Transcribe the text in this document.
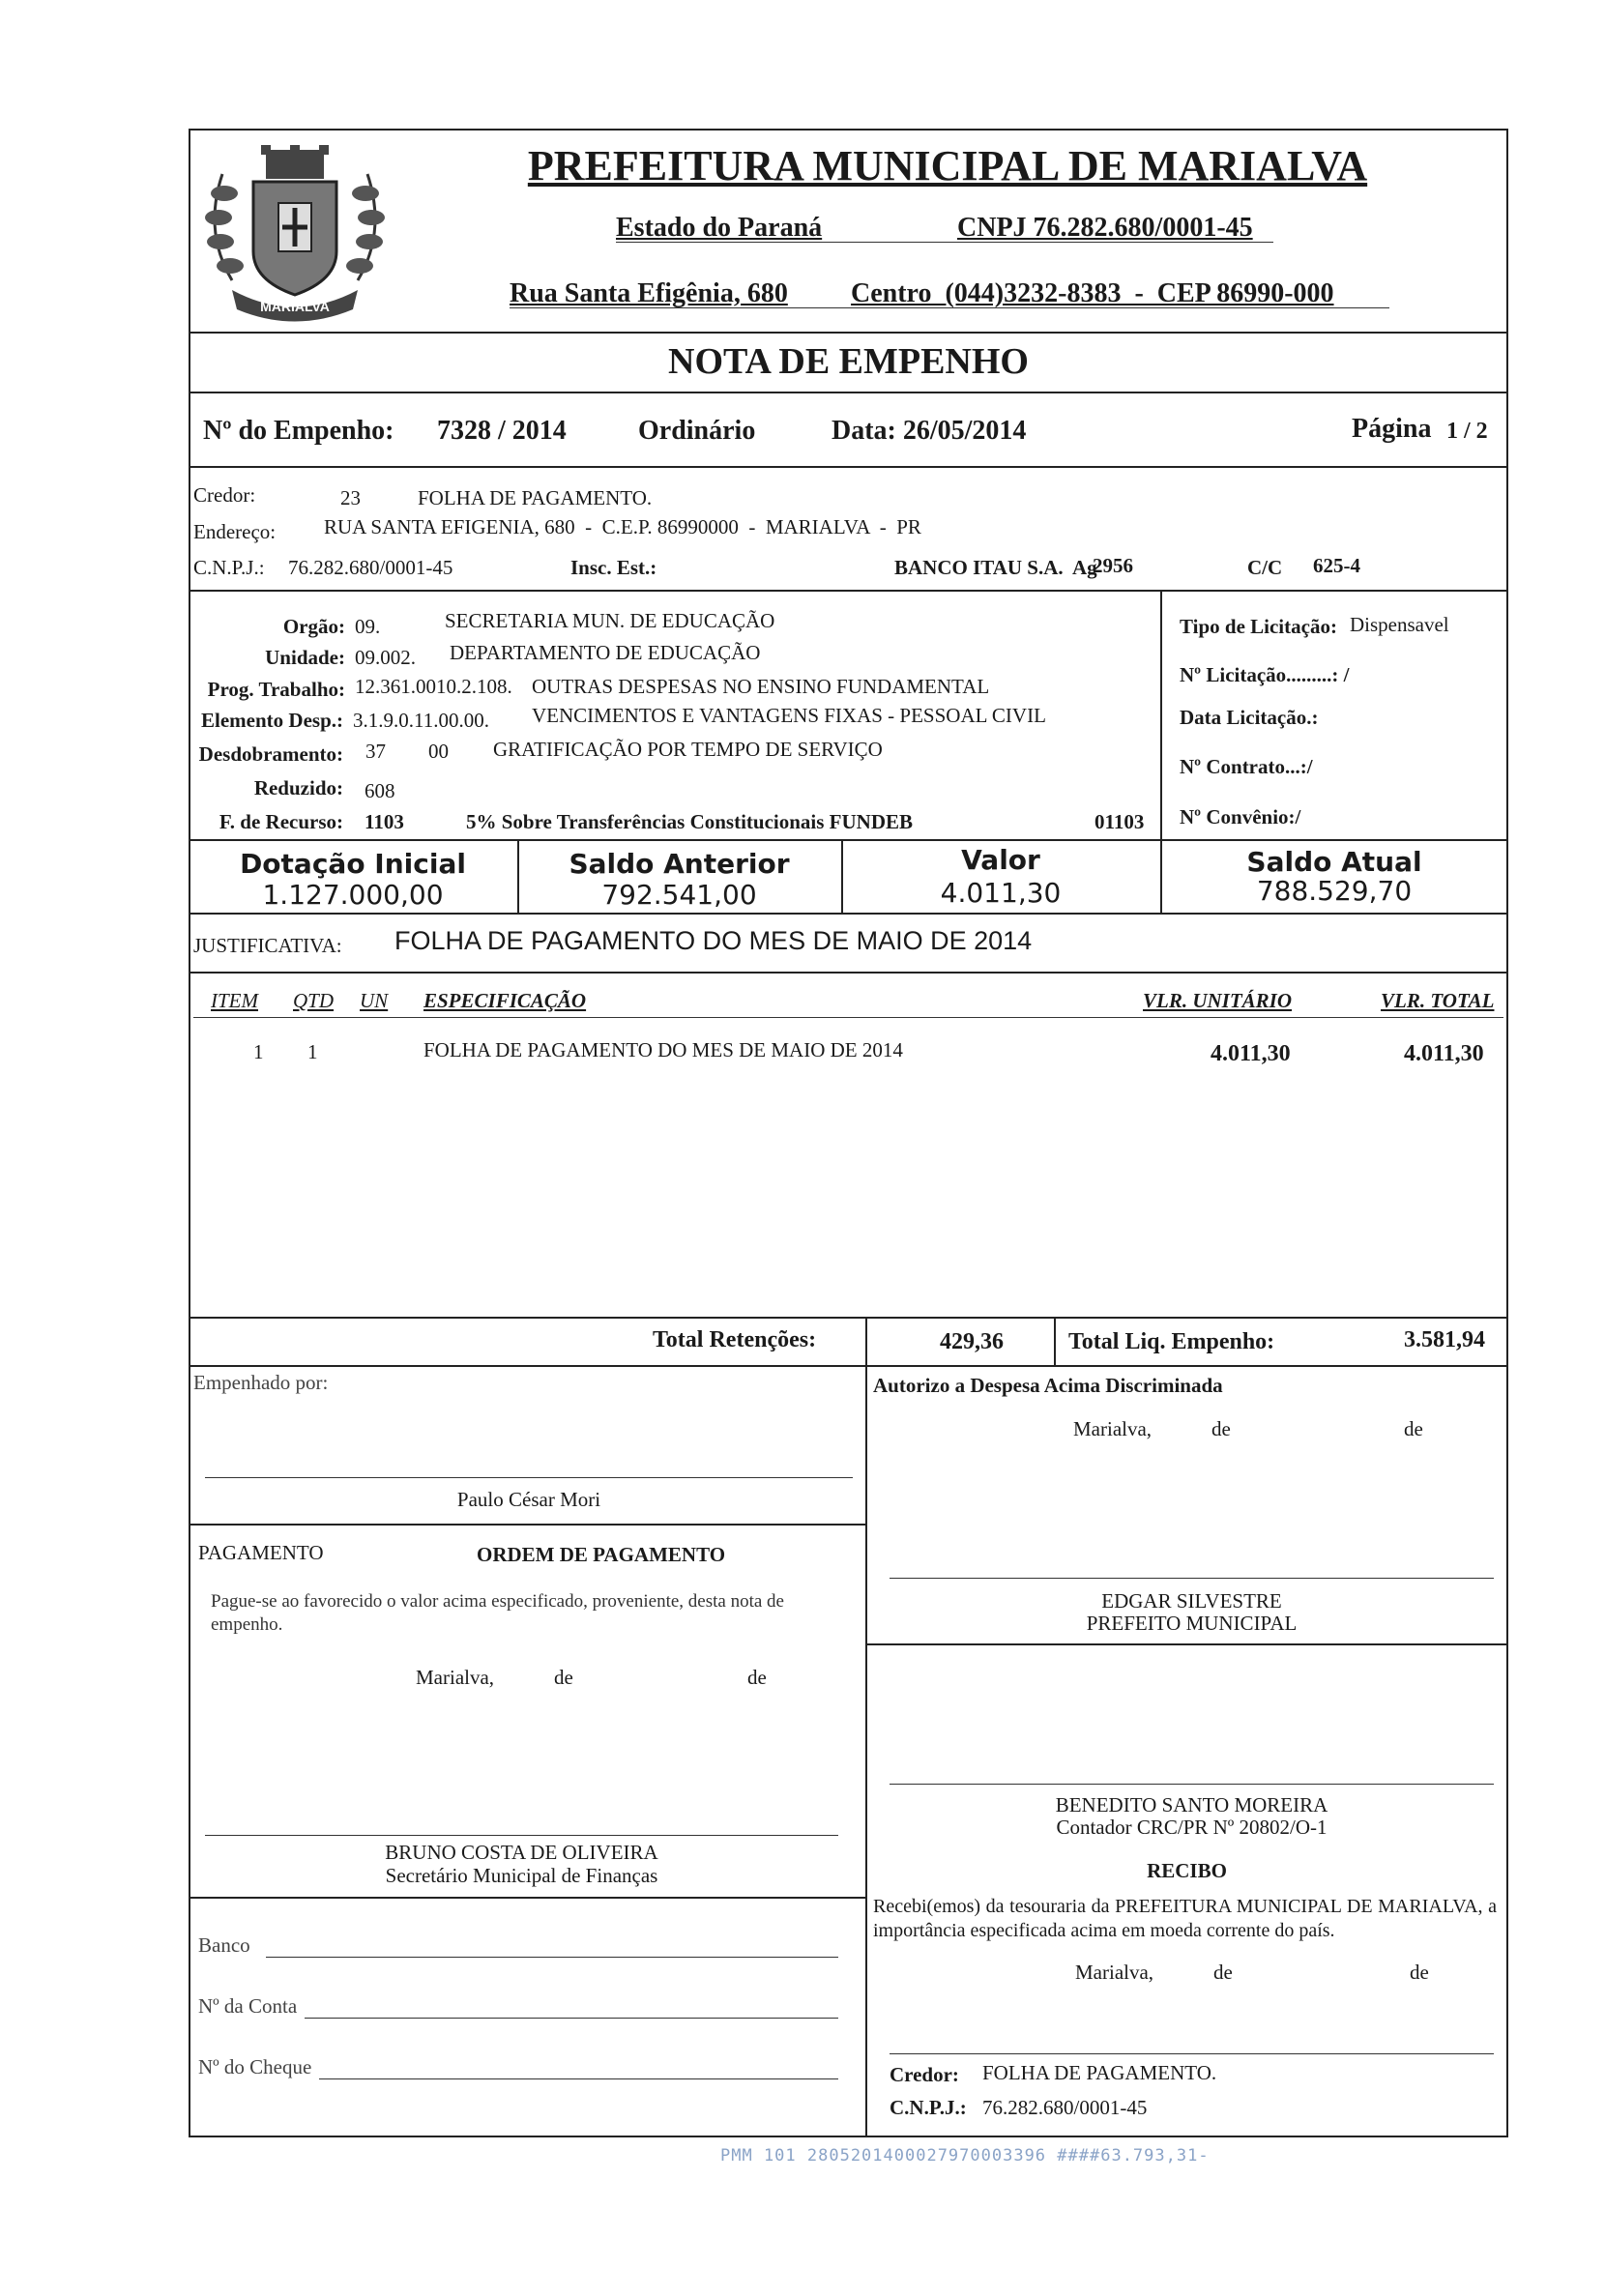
MARIALVA
PREFEITURA MUNICIPAL DE MARIALVA
Estado do Paraná	CNPJ 76.282.680/0001-45
Rua Santa Efigênia, 680 Centro  (044)3232-8383  -  CEP 86990-000
NOTA DE EMPENHO
Nº do Empenho: 7328 / 2014	Ordinário	Data: 26/05/2014	Página 1 / 2
Credor:	23	FOLHA DE PAGAMENTO.
Endereço: RUA SANTA EFIGENIA, 680  -  C.E.P. 86990000  -  MARIALVA  -  PR
C.N.P.J.: 76.282.680/0001-45	Insc. Est.:	BANCO ITAU S.A.  Ag
2956	C/C 625-4
Orgão: 09.	SECRETARIA MUN. DE EDUCAÇÃO
Unidade: 09.002. DEPARTAMENTO DE EDUCAÇÃO
Prog. Trabalho: 12.361.0010.2.108. OUTRAS DESPESAS NO ENSINO FUNDAMENTAL
Elemento Desp.: 3.1.9.0.11.00.00. VENCIMENTOS E VANTAGENS FIXAS - PESSOAL CIVIL
Desdobramento: 37 00 GRATIFICAÇÃO POR TEMPO DE SERVIÇO
Reduzido: 608
F. de Recurso: 1103	5% Sobre Transferências Constitucionais FUNDEB	01103
Tipo de Licitação: Dispensavel
Nº Licitação.........: /
Data Licitação.:
Nº Contrato...:/
Nº Convênio:/
Dotação Inicial
1.127.000,00
Saldo Anterior
792.541,00
Valor
4.011,30
Saldo Atual
788.529,70
JUSTIFICATIVA: FOLHA DE PAGAMENTO DO MES DE MAIO DE 2014
ITEM QTD UN ESPECIFICAÇÃO	VLR. UNITÁRIO	VLR. TOTAL
1 1	FOLHA DE PAGAMENTO DO MES DE MAIO DE 2014	4.011,30	4.011,30
Total Retenções:	429,36	Total Liq. Empenho:	3.581,94
Empenhado por:
Paulo César Mori
PAGAMENTO	ORDEM DE PAGAMENTO
Pague-se ao favorecido o valor acima especificado, proveniente, desta nota de empenho.
Marialva,	de	de
BRUNO COSTA DE OLIVEIRA
Secretário Municipal de Finanças
Banco
Nº da Conta
Nº do Cheque
Autorizo a Despesa Acima Discriminada
Marialva,	de	de
EDGAR SILVESTRE
PREFEITO MUNICIPAL
BENEDITO SANTO MOREIRA
Contador CRC/PR Nº 20802/O-1
RECIBO
Recebi(emos) da tesouraria da PREFEITURA MUNICIPAL DE MARIALVA, a importância especificada acima em moeda corrente do país.
Marialva,	de	de
Credor: FOLHA DE PAGAMENTO.
C.N.P.J.: 76.282.680/0001-45
PMM 101 2805201400027970003396 ####63.793,31-
